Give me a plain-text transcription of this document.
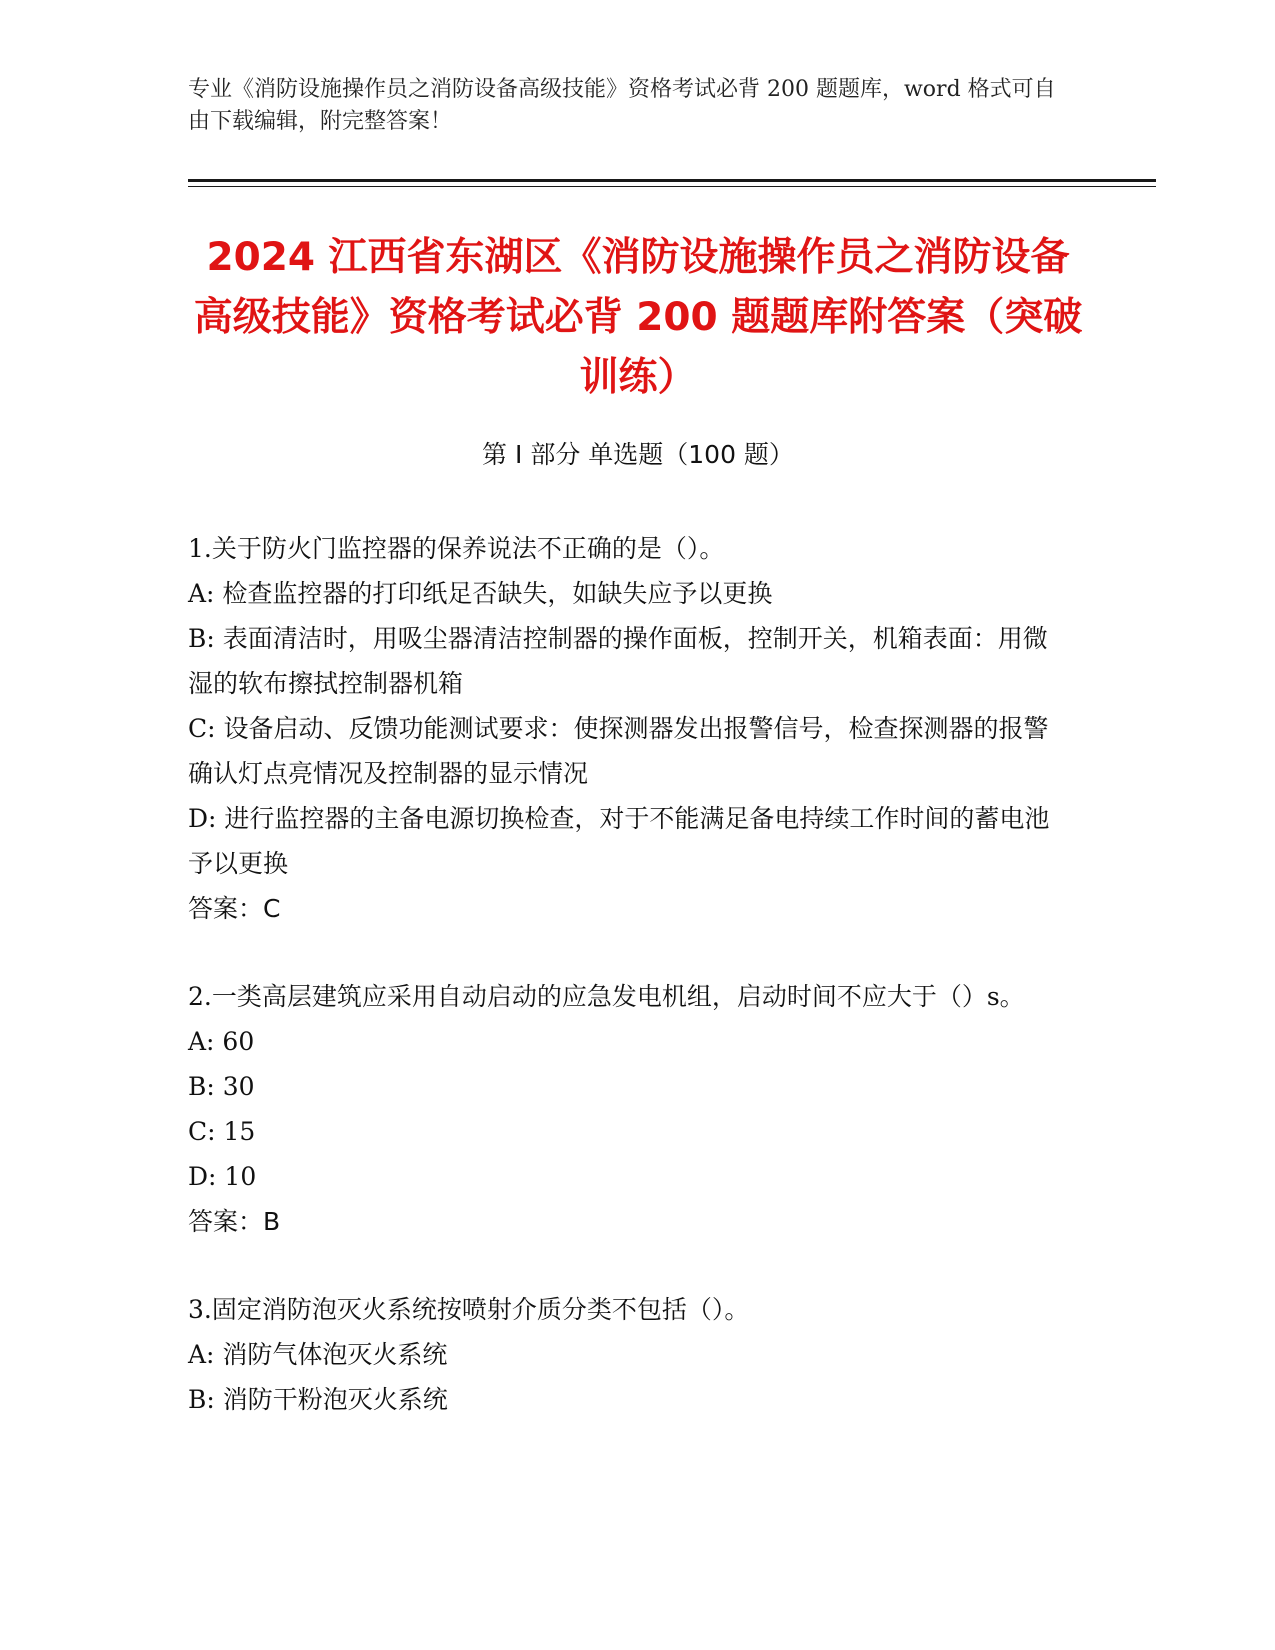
专业《消防设施操作员之消防设备高级技能》资格考试必背 200 题题库，word 格式可自由下载编辑，附完整答案！
2024 江西省东湖区《消防设施操作员之消防设备高级技能》资格考试必背 200 题题库附答案（突破训练）
第 I 部分 单选题（100 题）
1.关于防火门监控器的保养说法不正确的是（）。
A: 检查监控器的打印纸足否缺失，如缺失应予以更换
B: 表面清洁时，用吸尘器清洁控制器的操作面板，控制开关，机箱表面：用微湿的软布擦拭控制器机箱
C: 设备启动、反馈功能测试要求：使探测器发出报警信号，检查探测器的报警确认灯点亮情况及控制器的显示情况
D: 进行监控器的主备电源切换检查，对于不能满足备电持续工作时间的蓄电池予以更换
答案：C
2.一类高层建筑应采用自动启动的应急发电机组，启动时间不应大于（）s。
A: 60
B: 30
C: 15
D: 10
答案：B
3.固定消防泡灭火系统按喷射介质分类不包括（）。
A: 消防气体泡灭火系统
B: 消防干粉泡灭火系统
